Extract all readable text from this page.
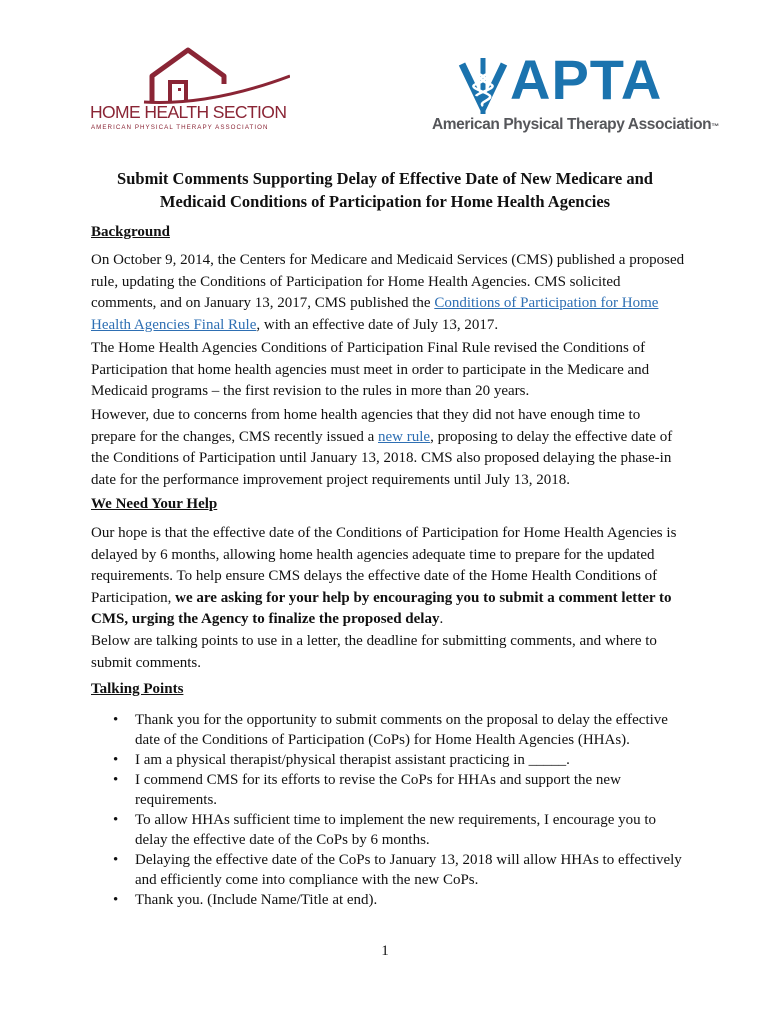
HOME HEALTH SECTION
AMERICAN PHYSICAL THERAPY ASSOCIATION
APTA
American Physical Therapy Association™
Submit Comments Supporting Delay of Effective Date of New Medicare and
Medicaid Conditions of Participation for Home Health Agencies
Background

On October 9, 2014, the Centers for Medicare and Medicaid Services (CMS) published a proposed rule, updating the Conditions of Participation for Home Health Agencies. CMS solicited comments, and on January 13, 2017, CMS published the Conditions of Participation for Home Health Agencies Final Rule, with an effective date of July 13, 2017.

The Home Health Agencies Conditions of Participation Final Rule revised the Conditions of Participation that home health agencies must meet in order to participate in the Medicare and Medicaid programs – the first revision to the rules in more than 20 years.

However, due to concerns from home health agencies that they did not have enough time to prepare for the changes, CMS recently issued a new rule, proposing to delay the effective date of the Conditions of Participation until January 13, 2018. CMS also proposed delaying the phase-in date for the performance improvement project requirements until July 13, 2018.

We Need Your Help

Our hope is that the effective date of the Conditions of Participation for Home Health Agencies is delayed by 6 months, allowing home health agencies adequate time to prepare for the updated requirements. To help ensure CMS delays the effective date of the Home Health Conditions of Participation, we are asking for your help by encouraging you to submit a comment letter to CMS, urging the Agency to finalize the proposed delay.

Below are talking points to use in a letter, the deadline for submitting comments, and where to submit comments.

Talking Points
• Thank you for the opportunity to submit comments on the proposal to delay the effective date of the Conditions of Participation (CoPs) for Home Health Agencies (HHAs).
• I am a physical therapist/physical therapist assistant practicing in _____.
• I commend CMS for its efforts to revise the CoPs for HHAs and support the new requirements.
• To allow HHAs sufficient time to implement the new requirements, I encourage you to delay the effective date of the CoPs by 6 months.
• Delaying the effective date of the CoPs to January 13, 2018 will allow HHAs to effectively and efficiently come into compliance with the new CoPs.
• Thank you. (Include Name/Title at end).
1
